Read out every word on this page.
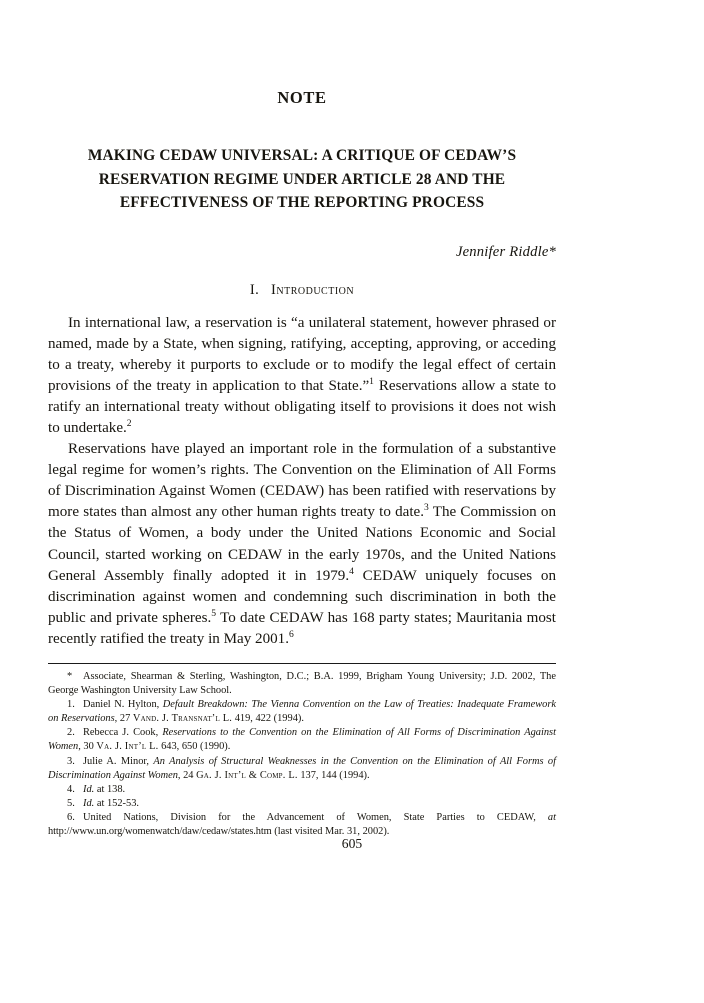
NOTE
MAKING CEDAW UNIVERSAL: A CRITIQUE OF CEDAW’S
RESERVATION REGIME UNDER ARTICLE 28 AND THE
EFFECTIVENESS OF THE REPORTING PROCESS
Jennifer Riddle*
I. Introduction

In international law, a reservation is “a unilateral statement, however phrased or named, made by a State, when signing, ratifying, accepting, approving, or acceding to a treaty, whereby it purports to exclude or to modify the legal effect of certain provisions of the treaty in application to that State.”$^1$ Reservations allow a state to ratify an international treaty without obligating itself to provisions it does not wish to undertake.$^2$

Reservations have played an important role in the formulation of a substantive legal regime for women’s rights. The Convention on the Elimination of All Forms of Discrimination Against Women (CEDAW) has been ratified with reservations by more states than almost any other human rights treaty to date.$^3$ The Commission on the Status of Women, a body under the United Nations Economic and Social Council, started working on CEDAW in the early 1970s, and the United Nations General Assembly finally adopted it in 1979.$^4$ CEDAW uniquely focuses on discrimination against women and condemning such discrimination in both the public and private spheres.$^5$ To date CEDAW has 168 party states; Mauritania most recently ratified the treaty in May 2001.$^6$

* Associate, Shearman & Sterling, Washington, D.C.; B.A. 1999, Brigham Young University; J.D. 2002, The George Washington University Law School.

1. Daniel N. Hylton, Default Breakdown: The Vienna Convention on the Law of Treaties: Inadequate Framework on Reservations, 27 Vand. J. Transnat’l L. 419, 422 (1994).

2. Rebecca J. Cook, Reservations to the Convention on the Elimination of All Forms of Discrimination Against Women, 30 Va. J. Int’l L. 643, 650 (1990).

3. Julie A. Minor, An Analysis of Structural Weaknesses in the Convention on the Elimination of All Forms of Discrimination Against Women, 24 Ga. J. Int’l & Comp. L. 137, 144 (1994).

4. Id. at 138.

5. Id. at 152-53.

6. United Nations, Division for the Advancement of Women, State Parties to CEDAW, at http://www.un.org/womenwatch/daw/cedaw/states.htm (last visited Mar. 31, 2002).

605
